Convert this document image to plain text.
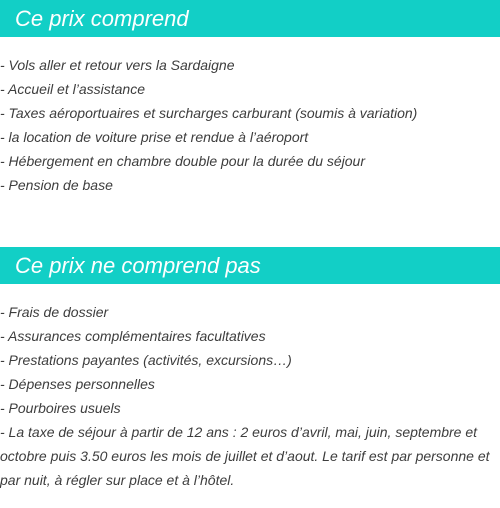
Ce prix comprend
- Vols aller et retour vers la Sardaigne
- Accueil et l’assistance
- Taxes aéroportuaires et surcharges carburant (soumis à variation)
- la location de voiture prise et rendue à l’aéroport
- Hébergement en chambre double pour la durée du séjour
- Pension de base
Ce prix ne comprend pas
- Frais de dossier
- Assurances complémentaires facultatives
- Prestations payantes (activités, excursions…)
- Dépenses personnelles
- Pourboires usuels
- La taxe de séjour à partir de 12 ans : 2 euros d’avril, mai, juin, septembre et octobre puis 3.50 euros les mois de juillet et d’aout. Le tarif est par personne et par nuit, à régler sur place et à l’hôtel.
